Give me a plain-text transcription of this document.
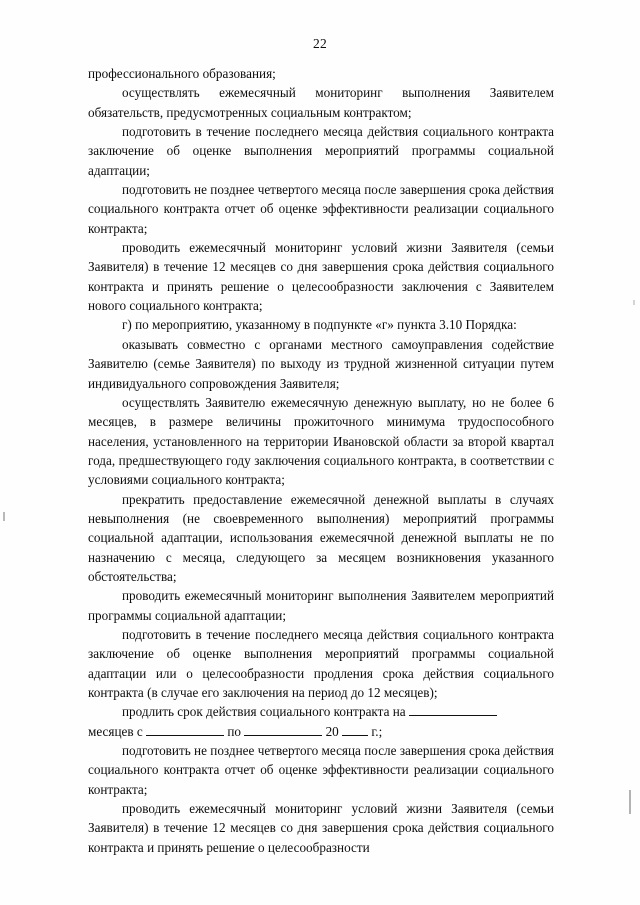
22

профессионального образования;

осуществлять ежемесячный мониторинг выполнения Заявителем обязательств, предусмотренных социальным контрактом;

подготовить в течение последнего месяца действия социального контракта заключение об оценке выполнения мероприятий программы социальной адаптации;

подготовить не позднее четвертого месяца после завершения срока действия социального контракта отчет об оценке эффективности реализации социального контракта;

проводить ежемесячный мониторинг условий жизни Заявителя (семьи Заявителя) в течение 12 месяцев со дня завершения срока действия социального контракта и принять решение о целесообразности заключения с Заявителем нового социального контракта;

г) по мероприятию, указанному в подпункте «г» пункта 3.10 Порядка:

оказывать совместно с органами местного самоуправления содействие Заявителю (семье Заявителя) по выходу из трудной жизненной ситуации путем индивидуального сопровождения Заявителя;

осуществлять Заявителю ежемесячную денежную выплату, но не более 6 месяцев, в размере величины прожиточного минимума трудоспособного населения, установленного на территории Ивановской области за второй квартал года, предшествующего году заключения социального контракта, в соответствии с условиями социального контракта;

прекратить предоставление ежемесячной денежной выплаты в случаях невыполнения (не своевременного выполнения) мероприятий программы социальной адаптации, использования ежемесячной денежной выплаты не по назначению с месяца, следующего за месяцем возникновения указанного обстоятельства;

проводить ежемесячный мониторинг выполнения Заявителем мероприятий программы социальной адаптации;

подготовить в течение последнего месяца действия социального контракта заключение об оценке выполнения мероприятий программы социальной адаптации или о целесообразности продления срока действия социального контракта (в случае его заключения на период до 12 месяцев);

продлить срок действия социального контракта на
месяцев с	по	20 г.;

подготовить не позднее четвертого месяца после завершения срока действия социального контракта отчет об оценке эффективности реализации социального контракта;

проводить ежемесячный мониторинг условий жизни Заявителя (семьи Заявителя) в течение 12 месяцев со дня завершения срока действия социального контракта и принять решение о целесообразности
